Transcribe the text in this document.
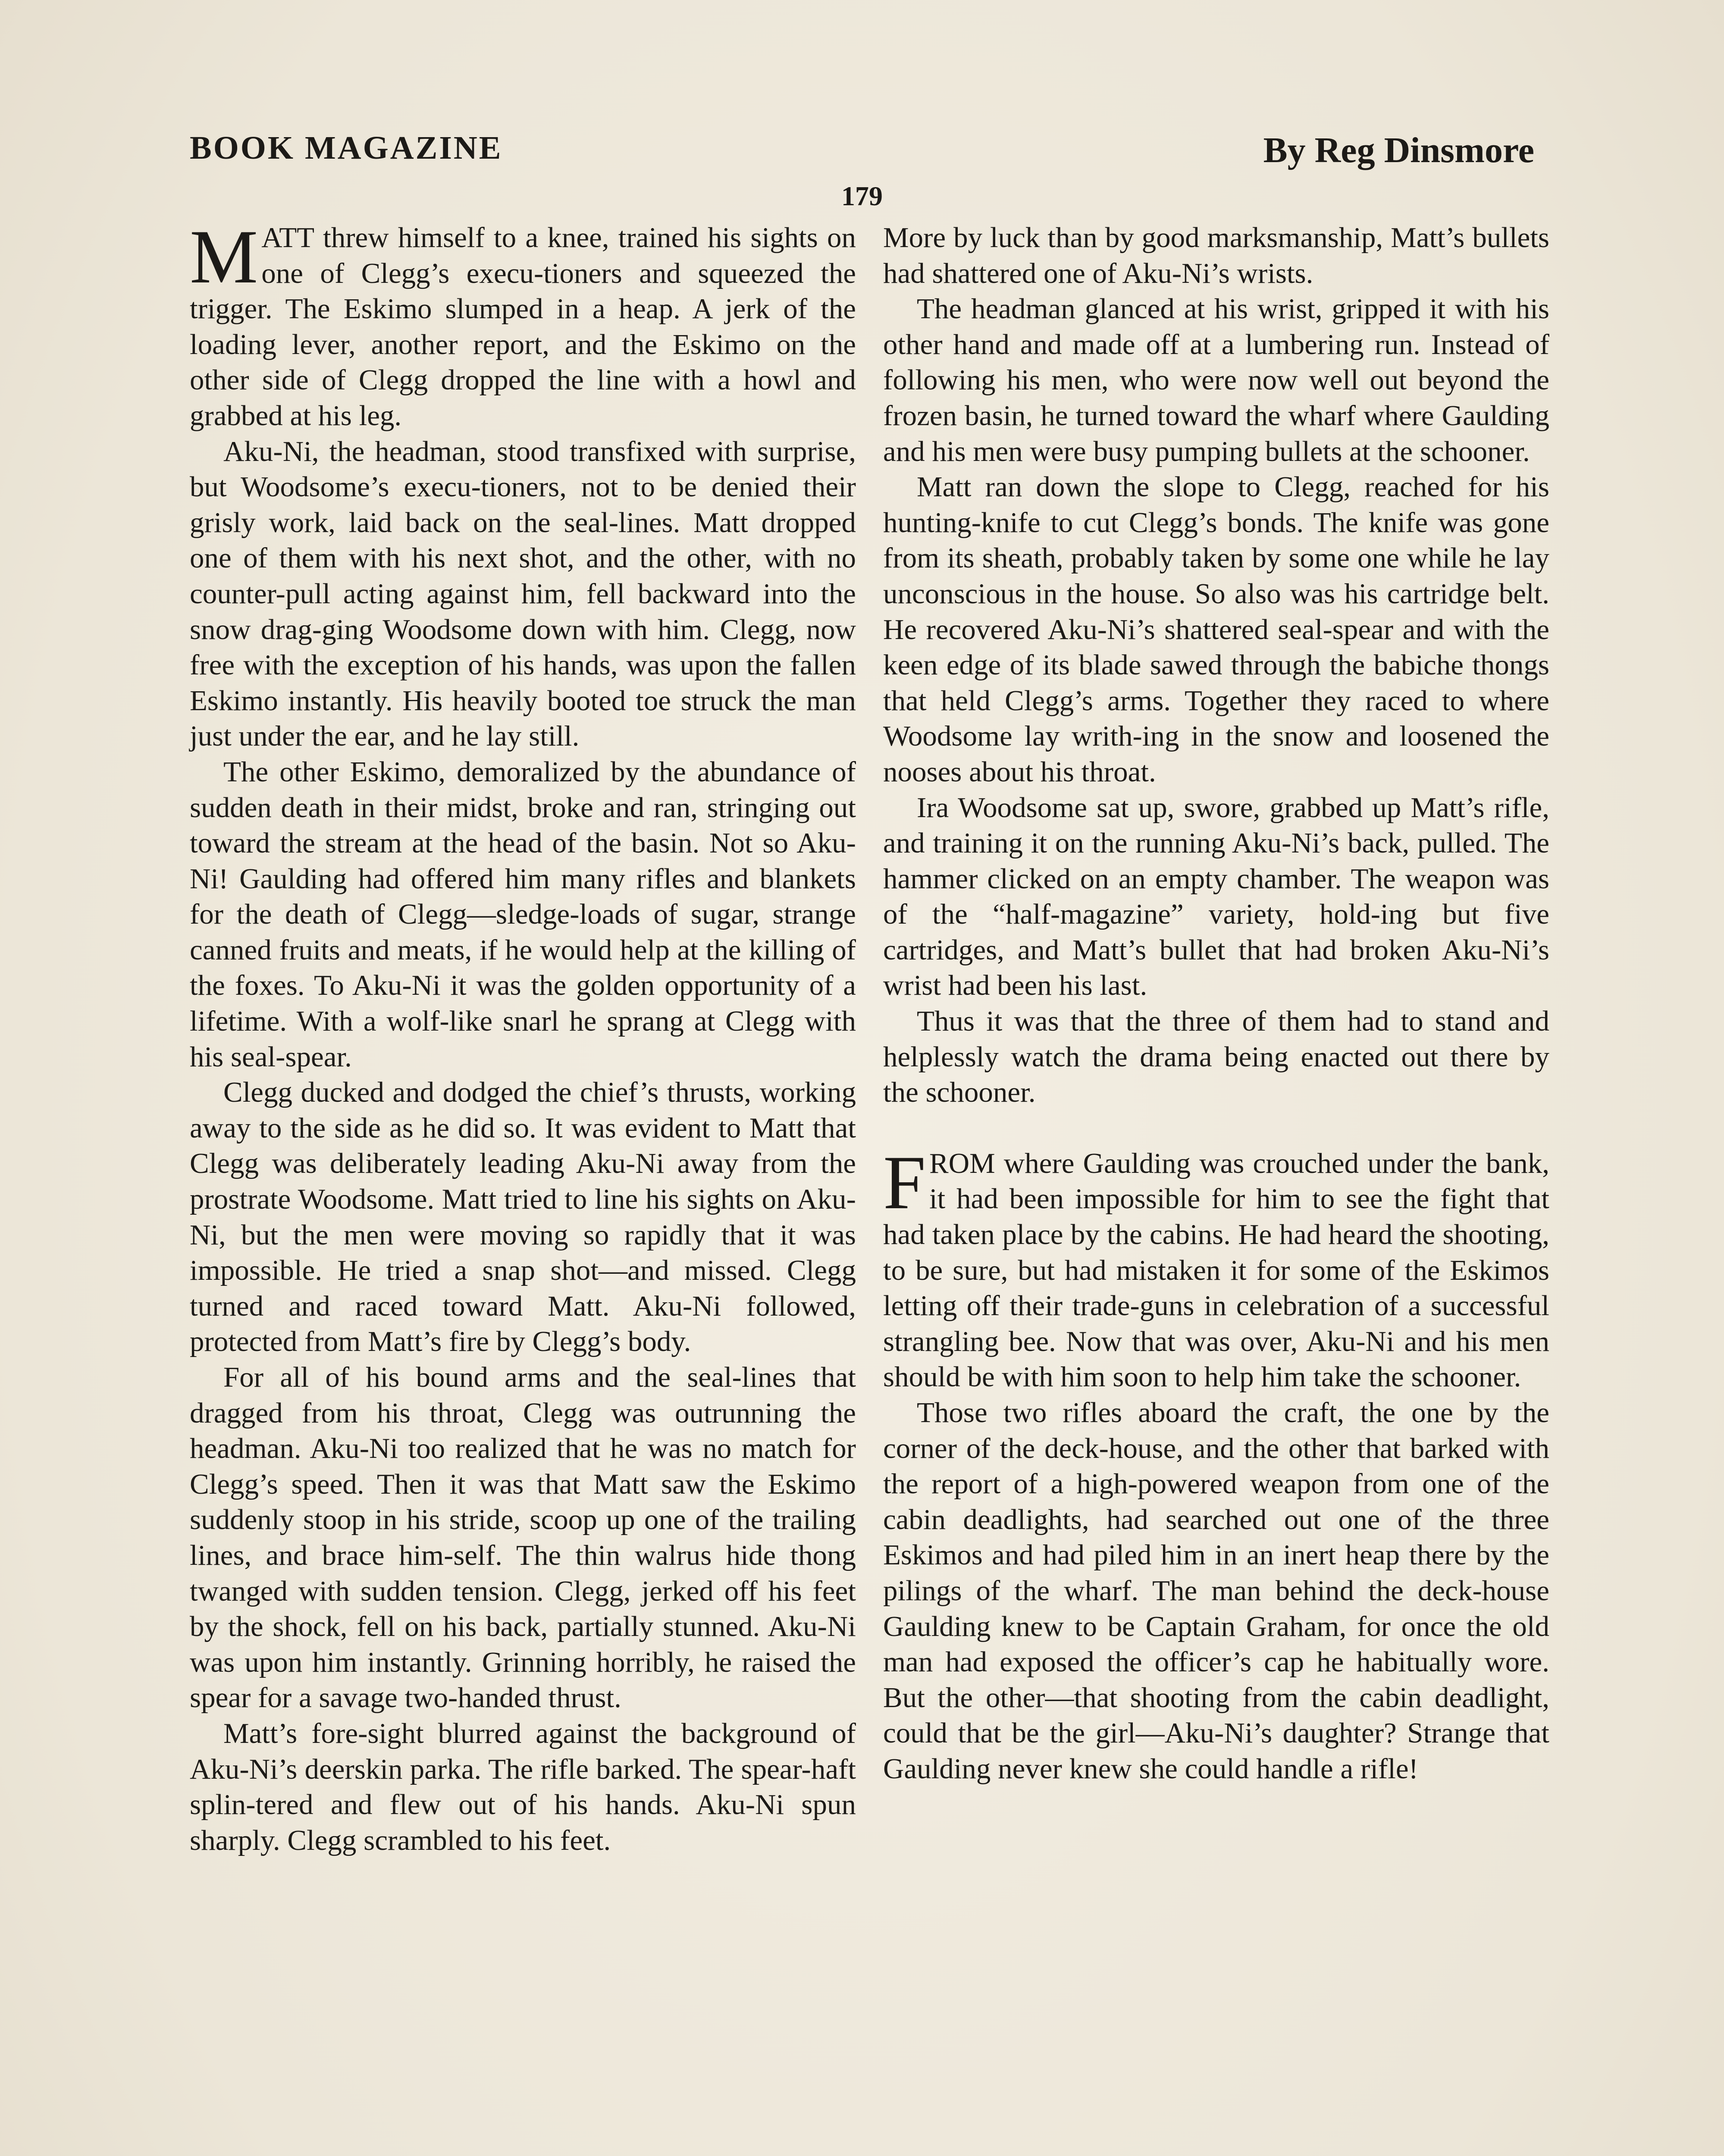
BOOK MAGAZINE	By Reg Dinsmore
179

MATT threw himself to a knee, trained his sights on one of Clegg’s execu-tioners and squeezed the trigger. The Eskimo slumped in a heap. A jerk of the loading lever, another report, and the Eskimo on the other side of Clegg dropped the line with a howl and grabbed at his leg.

Aku-Ni, the headman, stood transfixed with surprise, but Woodsome’s execu-tioners, not to be denied their grisly work, laid back on the seal-lines. Matt dropped one of them with his next shot, and the other, with no counter-pull acting against him, fell backward into the snow drag-ging Woodsome down with him. Clegg, now free with the exception of his hands, was upon the fallen Eskimo instantly. His heavily booted toe struck the man just under the ear, and he lay still.

The other Eskimo, demoralized by the abundance of sudden death in their midst, broke and ran, stringing out toward the stream at the head of the basin. Not so Aku-Ni! Gaulding had offered him many rifles and blankets for the death of Clegg—sledge-loads of sugar, strange canned fruits and meats, if he would help at the killing of the foxes. To Aku-Ni it was the golden opportunity of a lifetime. With a wolf-like snarl he sprang at Clegg with his seal-spear.

Clegg ducked and dodged the chief’s thrusts, working away to the side as he did so. It was evident to Matt that Clegg was deliberately leading Aku-Ni away from the prostrate Woodsome. Matt tried to line his sights on Aku-Ni, but the men were moving so rapidly that it was impossible. He tried a snap shot—and missed. Clegg turned and raced toward Matt. Aku-Ni followed, protected from Matt’s fire by Clegg’s body.

For all of his bound arms and the seal-lines that dragged from his throat, Clegg was outrunning the headman. Aku-Ni too realized that he was no match for Clegg’s speed. Then it was that Matt saw the Eskimo suddenly stoop in his stride, scoop up one of the trailing lines, and brace him-self. The thin walrus hide thong twanged with sudden tension. Clegg, jerked off his feet by the shock, fell on his back, partially stunned. Aku-Ni was upon him instantly. Grinning horribly, he raised the spear for a savage two-handed thrust.

Matt’s fore-sight blurred against the background of Aku-Ni’s deerskin parka. The rifle barked. The spear-haft splin-tered and flew out of his hands. Aku-Ni spun sharply. Clegg scrambled to his feet.

More by luck than by good marksmanship, Matt’s bullets had shattered one of Aku-Ni’s wrists.

The headman glanced at his wrist, gripped it with his other hand and made off at a lumbering run. Instead of following his men, who were now well out beyond the frozen basin, he turned toward the wharf where Gaulding and his men were busy pumping bullets at the schooner.

Matt ran down the slope to Clegg, reached for his hunting-knife to cut Clegg’s bonds. The knife was gone from its sheath, probably taken by some one while he lay unconscious in the house. So also was his cartridge belt. He recovered Aku-Ni’s shattered seal-spear and with the keen edge of its blade sawed through the babiche thongs that held Clegg’s arms. Together they raced to where Woodsome lay writh-ing in the snow and loosened the nooses about his throat.

Ira Woodsome sat up, swore, grabbed up Matt’s rifle, and training it on the running Aku-Ni’s back, pulled. The hammer clicked on an empty chamber. The weapon was of the “half-magazine” variety, hold-ing but five cartridges, and Matt’s bullet that had broken Aku-Ni’s wrist had been his last.

Thus it was that the three of them had to stand and helplessly watch the drama being enacted out there by the schooner.

FROM where Gaulding was crouched under the bank, it had been impossible for him to see the fight that had taken place by the cabins. He had heard the shooting, to be sure, but had mistaken it for some of the Eskimos letting off their trade-guns in celebration of a successful strangling bee. Now that was over, Aku-Ni and his men should be with him soon to help him take the schooner.

Those two rifles aboard the craft, the one by the corner of the deck-house, and the other that barked with the report of a high-powered weapon from one of the cabin deadlights, had searched out one of the three Eskimos and had piled him in an inert heap there by the pilings of the wharf. The man behind the deck-house Gaulding knew to be Captain Graham, for once the old man had exposed the officer’s cap he habitually wore. But the other—that shooting from the cabin deadlight, could that be the girl—Aku-Ni’s daughter? Strange that Gaulding never knew she could handle a rifle!
